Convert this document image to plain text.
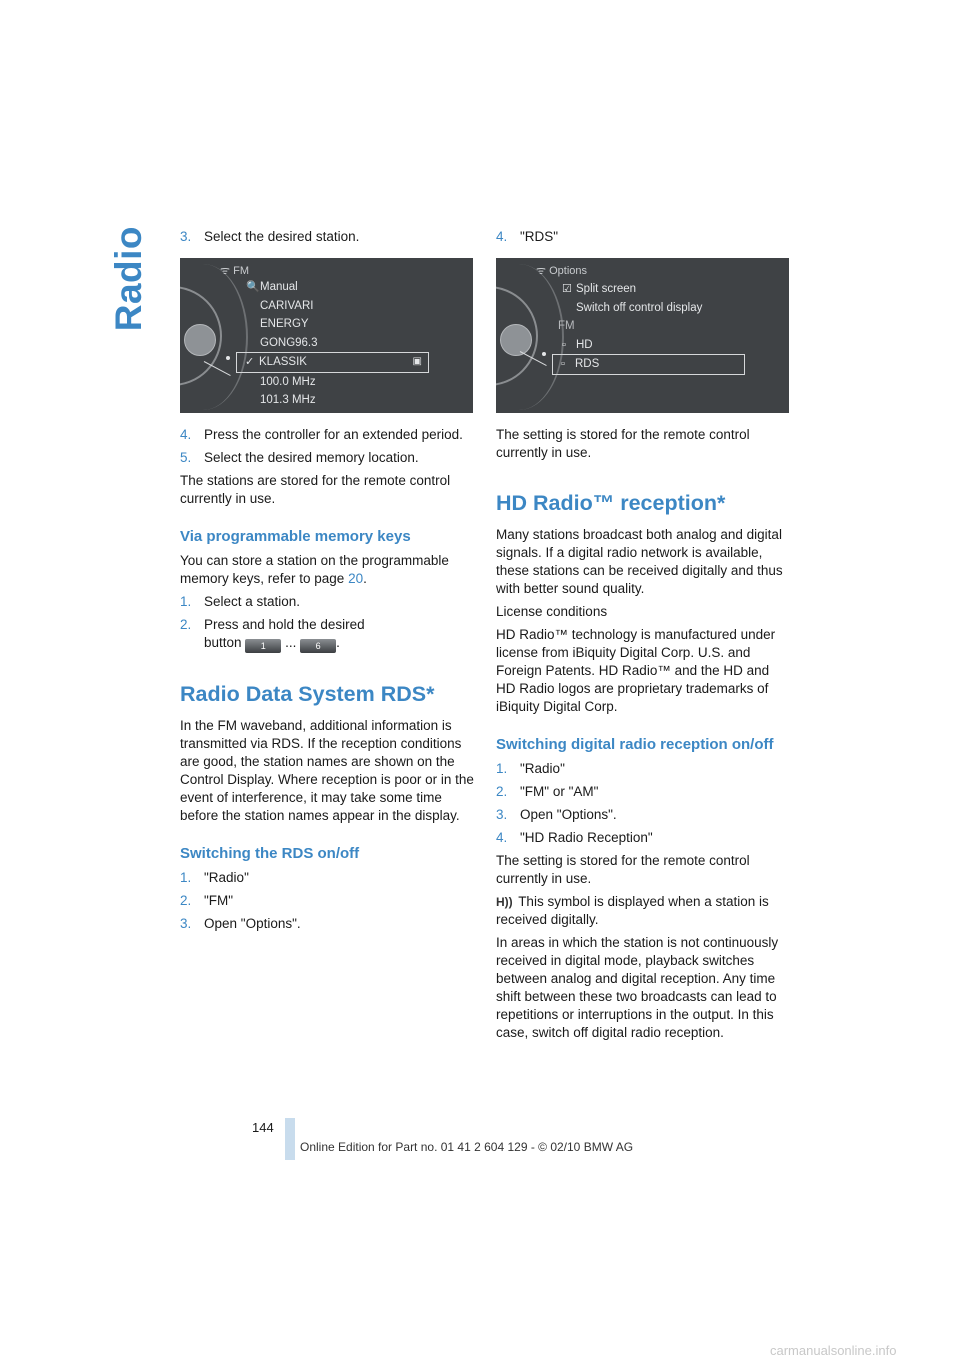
Radio 3. Select the desired station.
ᯤ FM
🔍 Manual
CARIVARI
ENERGY
GONG96.3
✓ KLASSIK	▣
100.0 MHz
101.3 MHz
4. Press the controller for an extended period.
5. Select the desired memory location.

The stations are stored for the remote control currently in use.

Via programmable memory keys

You can store a station on the programmable memory keys, refer to page 20.

1. Select a station.
2. Press and hold the desired
button 1 ... 6 .
Radio Data System RDS*

In the FM waveband, additional information is transmitted via RDS. If the reception conditions are good, the station names are shown on the Control Display. Where reception is poor or in the event of interference, it may take some time before the station names appear in the display.

Switching the RDS on/off
1. "Radio"
2. "FM"
3. Open "Options".
4. "RDS"
ᯤ Options
☑ Split screen
Switch off control display
FM
▫ HD
▫ RDS

The setting is stored for the remote control currently in use.

HD Radio™ reception*

Many stations broadcast both analog and digital signals. If a digital radio network is available, these stations can be received digitally and thus with better sound quality.

License conditions

HD Radio™ technology is manufactured under license from iBiquity Digital Corp. U.S. and Foreign Patents. HD Radio™ and the HD and HD Radio logos are proprietary trademarks of iBiquity Digital Corp.

Switching digital radio reception on/off
1. "Radio"
2. "FM" or "AM"
3. Open "Options".
4. "HD Radio Reception"

The setting is stored for the remote control currently in use.

H)) This symbol is displayed when a station is received digitally.

In areas in which the station is not continuously received in digital mode, playback switches between analog and digital reception. Any time shift between these two broadcasts can lead to repetitions or interruptions in the output. In this case, switch off digital radio reception.

144
Online Edition for Part no. 01 41 2 604 129 - © 02/10 BMW AG
carmanualsonline.info
